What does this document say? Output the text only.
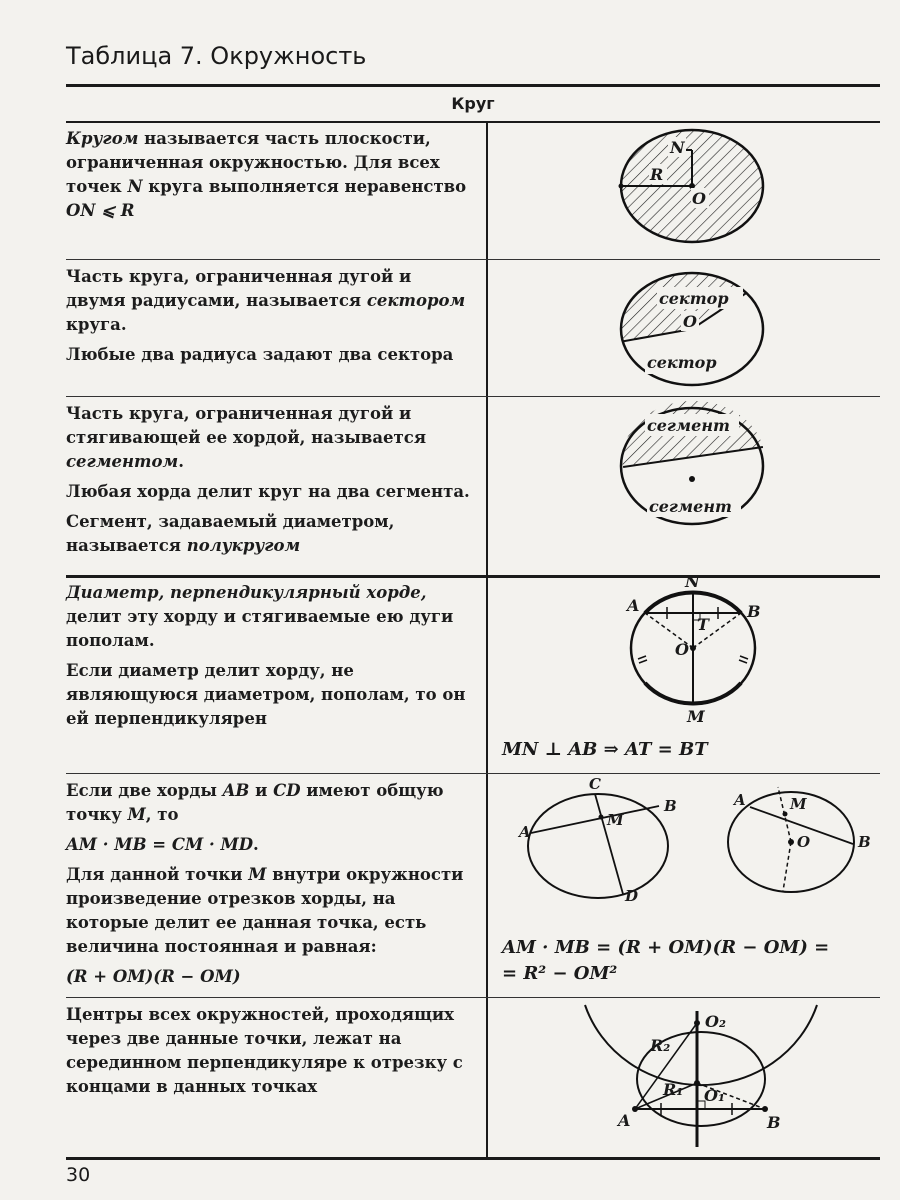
Таблица 7. Окружность
Круг

Кругом называется часть плоскости, ограниченная окружностью. Для всех точек N круга выполняется неравенство ON ⩽ R

N
R
O

Часть круга, ограниченная дугой и двумя радиусами, называется сектором круга.

Любые два радиуса задают два сектора

сектор
O
сектор

Часть круга, ограниченная дугой и стягивающей ее хордой, называется сегментом.

Любая хорда делит круг на два сегмента.

Сегмент, задаваемый диаметром, называется полукругом

сегмент
сегмент

Диаметр, перпендикулярный хорде, делит эту хорду и стягиваемые ею дуги пополам.

Если диаметр делит хорду, не являющуюся диаметром, пополам, то он ей перпендикулярен

N
A	B
T
O
M
MN ⊥ AB ⇒ AT = BT

Если две хорды AB и CD имеют общую точку M, то

AM · MB = CM · MD.

Для данной точки M внутри окружности произведение отрезков хорды, на которые делит ее данная точка, есть величина постоянная и равная:

(R + OM)(R − OM)

C
A
B
M
D
A	M
O	B
AM · MB = (R + OM)(R − OM) =
= R² − OM²

Центры всех окружностей, проходящих через две данные точки, лежат на серединном перпендикуляре к отрезку с концами в данных точках

R₂
O₂
R₁ O₁
A	B
30
